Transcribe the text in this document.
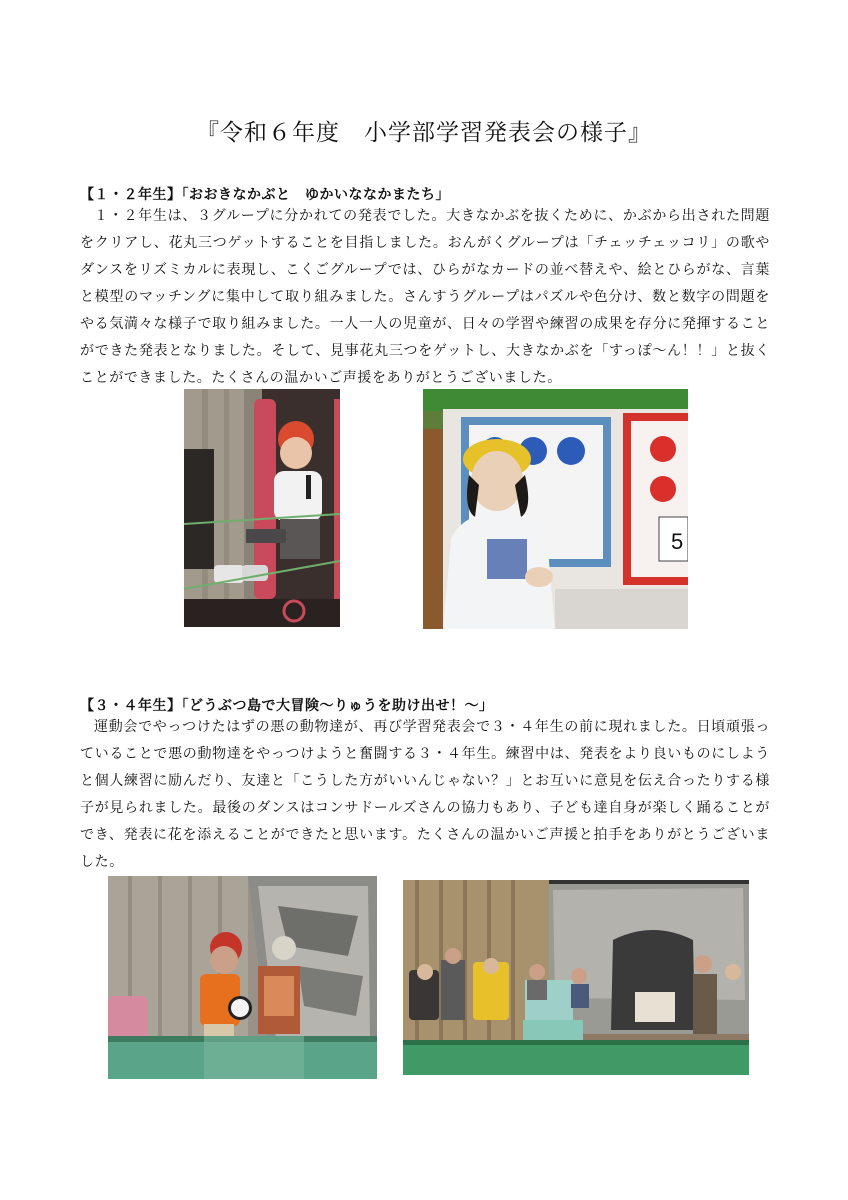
『令和６年度　小学部学習発表会の様子』
【１・２年生】「おおきなかぶと　ゆかいななかまたち」

１・２年生は、３グループに分かれての発表でした。大きなかぶを抜くために、かぶから出された問題をクリアし、花丸三つゲットすることを目指しました。おんがくグループは「チェッチェッコリ」の歌やダンスをリズミカルに表現し、こくごグループでは、ひらがなカードの並べ替えや、絵とひらがな、言葉と模型のマッチングに集中して取り組みました。さんすうグループはパズルや色分け、数と数字の問題をやる気満々な様子で取り組みました。一人一人の児童が、日々の学習や練習の成果を存分に発揮することができた発表となりました。そして、見事花丸三つをゲットし、大きなかぶを「すっぽ～ん！！」と抜くことができました。たくさんの温かいご声援をありがとうございました。

5
【３・４年生】「どうぶつ島で大冒険～りゅうを助け出せ！～」

運動会でやっつけたはずの悪の動物達が、再び学習発表会で３・４年生の前に現れました。日頃頑張っていることで悪の動物達をやっつけようと奮闘する３・４年生。練習中は、発表をより良いものにしようと個人練習に励んだり、友達と「こうした方がいいんじゃない？」とお互いに意見を伝え合ったりする様子が見られました。最後のダンスはコンサドールズさんの協力もあり、子ども達自身が楽しく踊ることができ、発表に花を添えることができたと思います。たくさんの温かいご声援と拍手をありがとうございました。
